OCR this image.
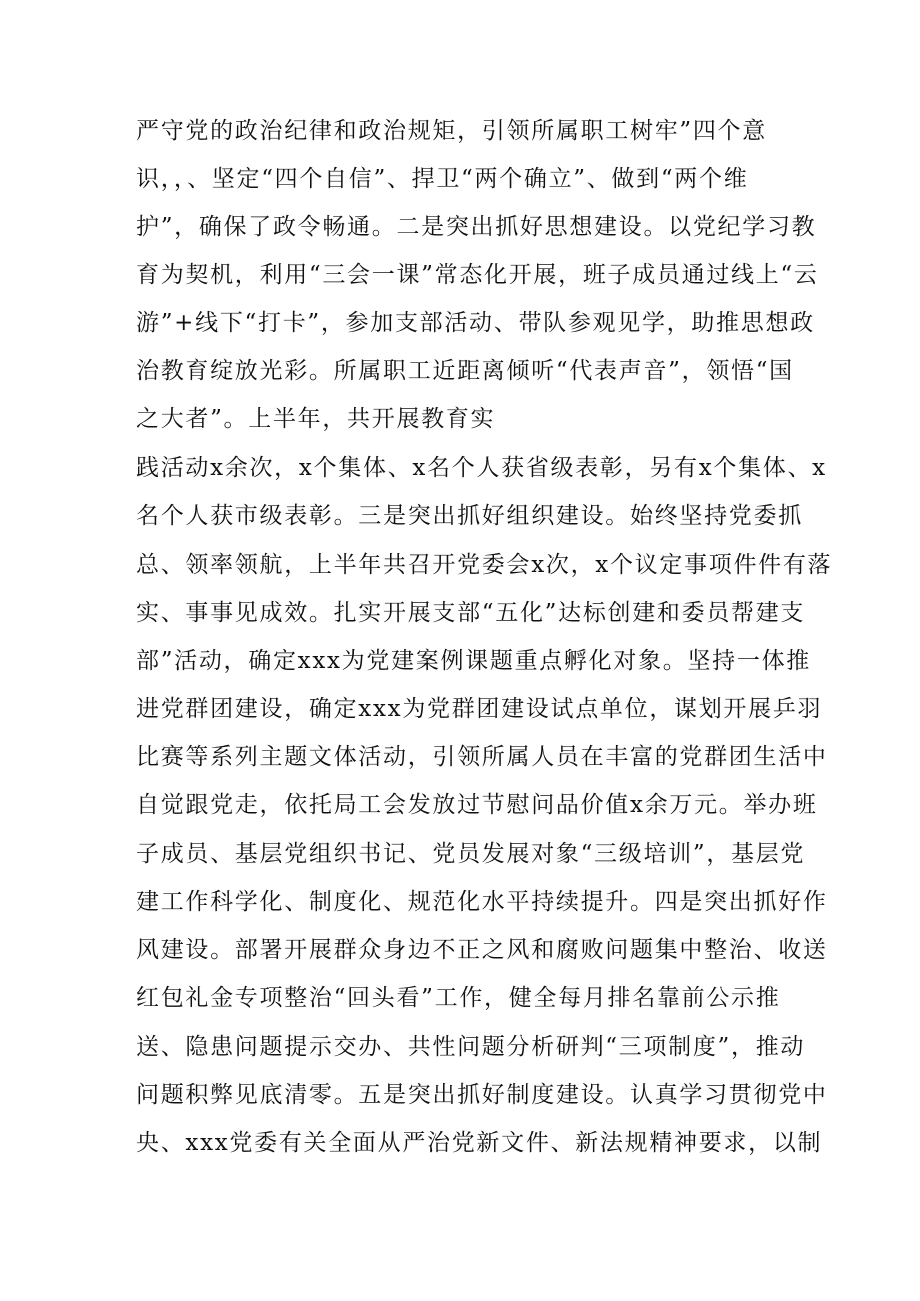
严守党的政治纪律和政治规矩，引领所属职工树牢”四个意
识，，、坚定“四个自信”、捍卫“两个确立”、做到“两个维
护”，确保了政令畅通。二是突出抓好思想建设。以党纪学习教
育为契机，利用“三会一课”常态化开展，班子成员通过线上“云
游”+线下“打卡”，参加支部活动、带队参观见学，助推思想政
治教育绽放光彩。所属职工近距离倾听“代表声音”，领悟“国
之大者”。上半年，共开展教育实
践活动x余次，x个集体、x名个人获省级表彰，另有x个集体、x
名个人获市级表彰。三是突出抓好组织建设。始终坚持党委抓
总、领率领航，上半年共召开党委会x次，x个议定事项件件有落
实、事事见成效。扎实开展支部“五化”达标创建和委员帮建支
部”活动，确定xxx为党建案例课题重点孵化对象。坚持一体推
进党群团建设，确定xxx为党群团建设试点单位，谋划开展乒羽
比赛等系列主题文体活动，引领所属人员在丰富的党群团生活中
自觉跟党走，依托局工会发放过节慰问品价值x余万元。举办班
子成员、基层党组织书记、党员发展对象“三级培训”，基层党
建工作科学化、制度化、规范化水平持续提升。四是突出抓好作
风建设。部署开展群众身边不正之风和腐败问题集中整治、收送
红包礼金专项整治“回头看”工作，健全每月排名靠前公示推
送、隐患问题提示交办、共性问题分析研判“三项制度”，推动
问题积弊见底清零。五是突出抓好制度建设。认真学习贯彻党中
央、xxx党委有关全面从严治党新文件、新法规精神要求，以制
